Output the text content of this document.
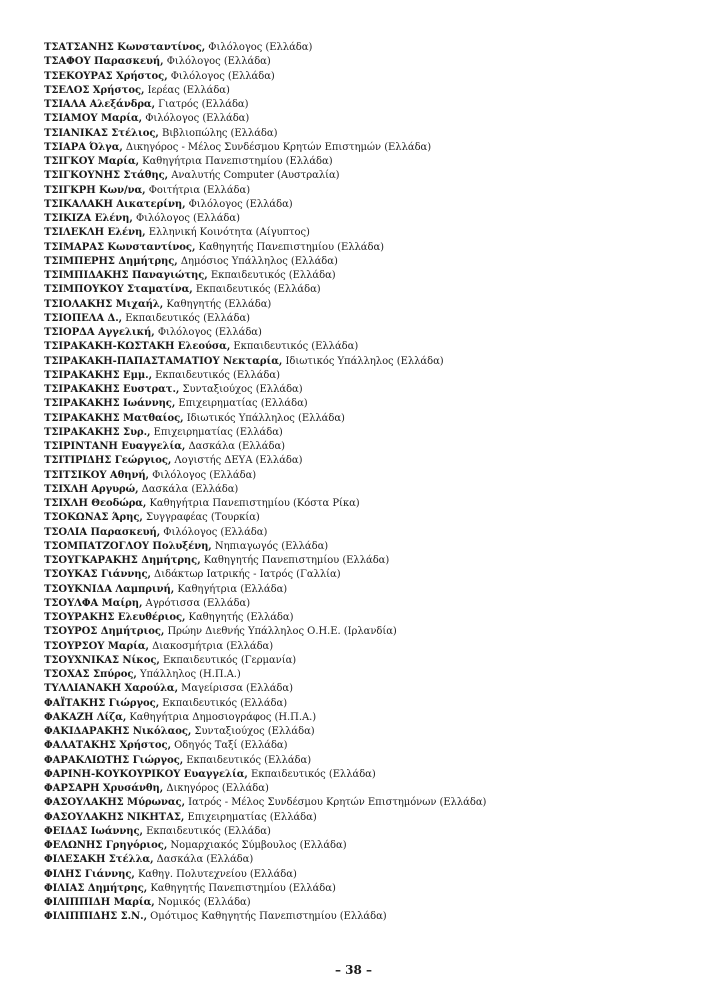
ΤΣΑΤΣΑΝΗΣ Κωνσταντίνος, Φιλόλογος (Ελλάδα)
ΤΣΑΦΟΥ Παρασκευή, Φιλόλογος (Ελλάδα)
ΤΣΕΚΟΥΡΑΣ Χρήστος, Φιλόλογος (Ελλάδα)
ΤΣΕΛΟΣ Χρήστος, Ιερέας (Ελλάδα)
ΤΣΙΑΛΑ Αλεξάνδρα, Γιατρός (Ελλάδα)
ΤΣΙΑΜΟΥ Μαρία, Φιλόλογος (Ελλάδα)
ΤΣΙΑΝΙΚΑΣ Στέλιος, Βιβλιοπώλης (Ελλάδα)
ΤΣΙΑΡΑ Όλγα, Δικηγόρος - Μέλος Συνδέσμου Κρητών Επιστημών (Ελλάδα)
ΤΣΙΓΚΟΥ Μαρία, Καθηγήτρια Πανεπιστημίου (Ελλάδα)
ΤΣΙΓΚΟΥΝΗΣ Στάθης, Αναλυτής Computer (Αυστραλία)
ΤΣΙΓΚΡΗ Κων/να, Φοιτήτρια (Ελλάδα)
ΤΣΙΚΑΛΑΚΗ Αικατερίνη, Φιλόλογος (Ελλάδα)
ΤΣΙΚΙΖΑ Ελένη, Φιλόλογος (Ελλάδα)
ΤΣΙΛΕΚΛΗ Ελένη, Ελληνική Κοινότητα (Αίγυπτος)
ΤΣΙΜΑΡΑΣ Κωνσταντίνος, Καθηγητής Πανεπιστημίου (Ελλάδα)
ΤΣΙΜΠΕΡΗΣ Δημήτρης, Δημόσιος Υπάλληλος (Ελλάδα)
ΤΣΙΜΠΙΔΑΚΗΣ Παναγιώτης, Εκπαιδευτικός (Ελλάδα)
ΤΣΙΜΠΟΥΚΟΥ Σταματίνα, Εκπαιδευτικός (Ελλάδα)
ΤΣΙΟΛΑΚΗΣ Μιχαήλ, Καθηγητής (Ελλάδα)
ΤΣΙΟΠΕΛΑ Δ., Εκπαιδευτικός (Ελλάδα)
ΤΣΙΟΡΔΑ Αγγελική, Φιλόλογος (Ελλάδα)
ΤΣΙΡΑΚΑΚΗ-ΚΩΣΤΑΚΗ Ελεούσα, Εκπαιδευτικός (Ελλάδα)
ΤΣΙΡΑΚΑΚΗ-ΠΑΠΑΣΤΑΜΑΤΙΟΥ Νεκταρία, Ιδιωτικός Υπάλληλος (Ελλάδα)
ΤΣΙΡΑΚΑΚΗΣ Εμμ., Εκπαιδευτικός (Ελλάδα)
ΤΣΙΡΑΚΑΚΗΣ Ευστρατ., Συνταξιούχος (Ελλάδα)
ΤΣΙΡΑΚΑΚΗΣ Ιωάννης, Επιχειρηματίας (Ελλάδα)
ΤΣΙΡΑΚΑΚΗΣ Ματθαίος, Ιδιωτικός Υπάλληλος (Ελλάδα)
ΤΣΙΡΑΚΑΚΗΣ Συρ., Επιχειρηματίας (Ελλάδα)
ΤΣΙΡΙΝΤΑΝΗ Ευαγγελία, Δασκάλα (Ελλάδα)
ΤΣΙΤΙΡΙΔΗΣ Γεώργιος, Λογιστής ΔΕΥΑ (Ελλάδα)
ΤΣΙΤΣΙΚΟΥ Αθηνή, Φιλόλογος (Ελλάδα)
ΤΣΙΧΛΗ Αργυρώ, Δασκάλα (Ελλάδα)
ΤΣΙΧΛΗ Θεοδώρα, Καθηγήτρια Πανεπιστημίου (Κόστα Ρίκα)
ΤΣΟΚΩΝΑΣ Άρης, Συγγραφέας (Τουρκία)
ΤΣΟΛΙΑ Παρασκευή, Φιλόλογος (Ελλάδα)
ΤΣΟΜΠΑΤΖΟΓΛΟΥ Πολυξένη, Νηπιαγωγός (Ελλάδα)
ΤΣΟΥΓΚΑΡΑΚΗΣ Δημήτρης, Καθηγητής Πανεπιστημίου (Ελλάδα)
ΤΣΟΥΚΑΣ Γιάννης, Διδάκτωρ Ιατρικής - Ιατρός (Γαλλία)
ΤΣΟΥΚΝΙΔΑ Λαμπρινή, Καθηγήτρια (Ελλάδα)
ΤΣΟΥΛΦΑ Μαίρη, Αγρότισσα (Ελλάδα)
ΤΣΟΥΡΑΚΗΣ Ελευθέριος, Καθηγητής (Ελλάδα)
ΤΣΟΥΡΟΣ Δημήτριος, Πρώην Διεθνής Υπάλληλος Ο.Η.Ε. (Ιρλανδία)
ΤΣΟΥΡΣΟΥ Μαρία, Διακοσμήτρια (Ελλάδα)
ΤΣΟΥΧΝΙΚΑΣ Νίκος, Εκπαιδευτικός (Γερμανία)
ΤΣΟΧΑΣ Σπύρος, Υπάλληλος (Η.Π.Α.)
ΤΥΛΛΙΑΝΑΚΗ Χαρούλα, Μαγείρισσα (Ελλάδα)
ΦΑΪΤΑΚΗΣ Γιώργος, Εκπαιδευτικός (Ελλάδα)
ΦΑΚΑΖΗ Λίζα, Καθηγήτρια Δημοσιογράφος (Η.Π.Α.)
ΦΑΚΙΔΑΡΑΚΗΣ Νικόλαος, Συνταξιούχος (Ελλάδα)
ΦΑΛΑΤΑΚΗΣ Χρήστος, Οδηγός Ταξί (Ελλάδα)
ΦΑΡΑΚΛΙΩΤΗΣ Γιώργος, Εκπαιδευτικός (Ελλάδα)
ΦΑΡΙΝΗ-ΚΟΥΚΟΥΡΙΚΟΥ Ευαγγελία, Εκπαιδευτικός (Ελλάδα)
ΦΑΡΣΑΡΗ Χρυσάνθη, Δικηγόρος (Ελλάδα)
ΦΑΣΟΥΛΑΚΗΣ Μύρωνας, Ιατρός - Μέλος Συνδέσμου Κρητών Επιστημόνων (Ελλάδα)
ΦΑΣΟΥΛΑΚΗΣ ΝΙΚΗΤΑΣ, Επιχειρηματίας (Ελλάδα)
ΦΕΙΔΑΣ Ιωάννης, Εκπαιδευτικός (Ελλάδα)
ΦΕΛΩΝΗΣ Γρηγόριος, Νομαρχιακός Σύμβουλος (Ελλάδα)
ΦΙΛΕΣΑΚΗ Στέλλα, Δασκάλα (Ελλάδα)
ΦΙΛΗΣ Γιάννης, Καθηγ. Πολυτεχνείου (Ελλάδα)
ΦΙΛΙΑΣ Δημήτρης, Καθηγητής Πανεπιστημίου (Ελλάδα)
ΦΙΛΙΠΠΙΔΗ Μαρία, Νομικός (Ελλάδα)
ΦΙΛΙΠΠΙΔΗΣ Σ.Ν., Ομότιμος Καθηγητής Πανεπιστημίου (Ελλάδα)
– 38 –
